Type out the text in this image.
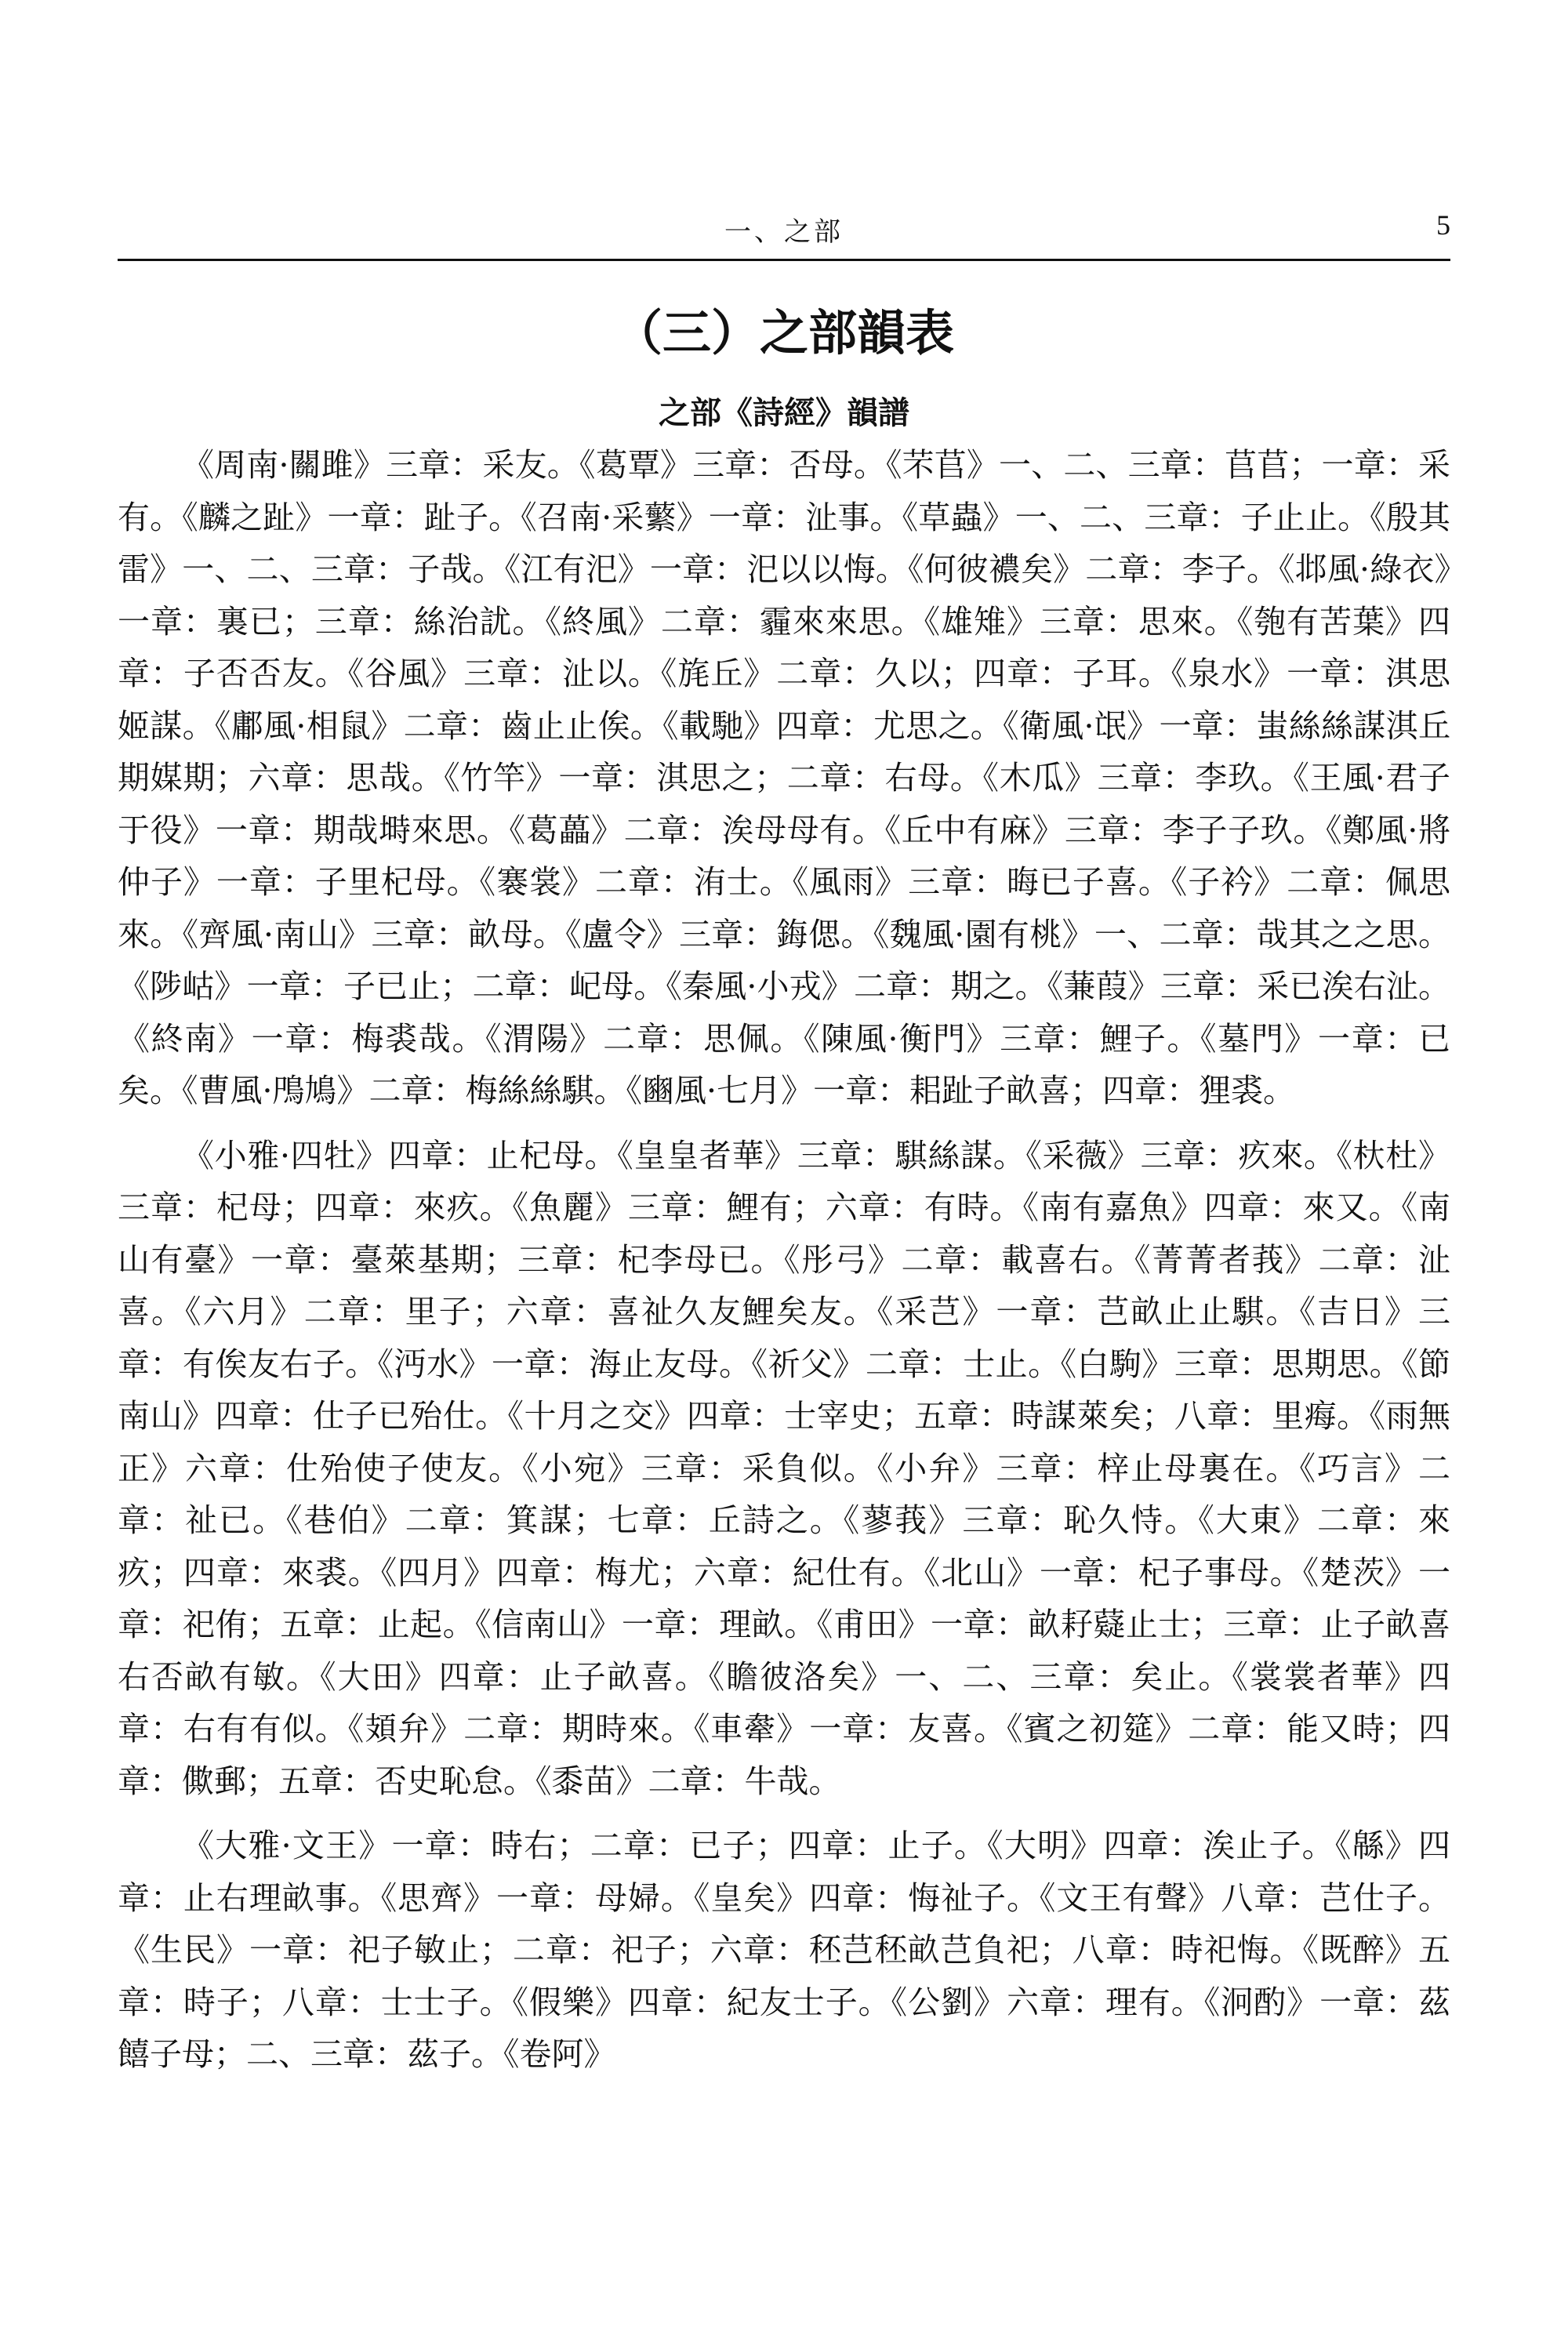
一、之部	5
（三）之部韻表
之部《詩經》韻譜

《周南·關雎》三章：采友。《葛覃》三章：否母。《芣苢》一、二、三章：苢苢；一章：采有。《麟之趾》一章：趾子。《召南·采蘩》一章：沚事。《草蟲》一、二、三章：子止止。《殷其雷》一、二、三章：子哉。《江有汜》一章：汜以以悔。《何彼襛矣》二章：李子。《邶風·綠衣》一章：裏已；三章：絲治訧。《終風》二章：霾來來思。《雄雉》三章：思來。《匏有苦葉》四章：子否否友。《谷風》三章：沚以。《旄丘》二章：久以；四章：子耳。《泉水》一章：淇思姬謀。《鄘風·相鼠》二章：齒止止俟。《載馳》四章：尤思之。《衛風·氓》一章：蚩絲絲謀淇丘期媒期；六章：思哉。《竹竿》一章：淇思之；二章：右母。《木瓜》三章：李玖。《王風·君子于役》一章：期哉塒來思。《葛藟》二章：涘母母有。《丘中有麻》三章：李子子玖。《鄭風·將仲子》一章：子里杞母。《褰裳》二章：洧士。《風雨》三章：晦已子喜。《子衿》二章：佩思來。《齊風·南山》三章：畝母。《盧令》三章：鋂偲。《魏風·園有桃》一、二章：哉其之之思。《陟岵》一章：子已止；二章：屺母。《秦風·小戎》二章：期之。《蒹葭》三章：采已涘右沚。《終南》一章：梅裘哉。《渭陽》二章：思佩。《陳風·衡門》三章：鯉子。《墓門》一章：已矣。《曹風·鳲鳩》二章：梅絲絲騏。《豳風·七月》一章：耜趾子畝喜；四章：狸裘。

《小雅·四牡》四章：止杞母。《皇皇者華》三章：騏絲謀。《采薇》三章：疚來。《杕杜》三章：杞母；四章：來疚。《魚麗》三章：鯉有；六章：有時。《南有嘉魚》四章：來又。《南山有臺》一章：臺萊基期；三章：杞李母已。《彤弓》二章：載喜右。《菁菁者莪》二章：沚喜。《六月》二章：里子；六章：喜祉久友鯉矣友。《采芑》一章：芑畝止止騏。《吉日》三章：有俟友右子。《沔水》一章：海止友母。《祈父》二章：士止。《白駒》三章：思期思。《節南山》四章：仕子已殆仕。《十月之交》四章：士宰史；五章：時謀萊矣；八章：里痗。《雨無正》六章：仕殆使子使友。《小宛》三章：采負似。《小弁》三章：梓止母裏在。《巧言》二章：祉已。《巷伯》二章：箕謀；七章：丘詩之。《蓼莪》三章：恥久恃。《大東》二章：來疚；四章：來裘。《四月》四章：梅尤；六章：紀仕有。《北山》一章：杞子事母。《楚茨》一章：祀侑；五章：止起。《信南山》一章：理畝。《甫田》一章：畝耔薿止士；三章：止子畝喜右否畝有敏。《大田》四章：止子畝喜。《瞻彼洛矣》一、二、三章：矣止。《裳裳者華》四章：右有有似。《頍弁》二章：期時來。《車舝》一章：友喜。《賓之初筵》二章：能又時；四章：僛郵；五章：否史恥怠。《黍苗》二章：牛哉。

《大雅·文王》一章：時右；二章：已子；四章：止子。《大明》四章：涘止子。《緜》四章：止右理畝事。《思齊》一章：母婦。《皇矣》四章：悔祉子。《文王有聲》八章：芑仕子。《生民》一章：祀子敏止；二章：祀子；六章：秠芑秠畝芑負祀；八章：時祀悔。《既醉》五章：時子；八章：士士子。《假樂》四章：紀友士子。《公劉》六章：理有。《泂酌》一章：茲饎子母；二、三章：茲子。《卷阿》
